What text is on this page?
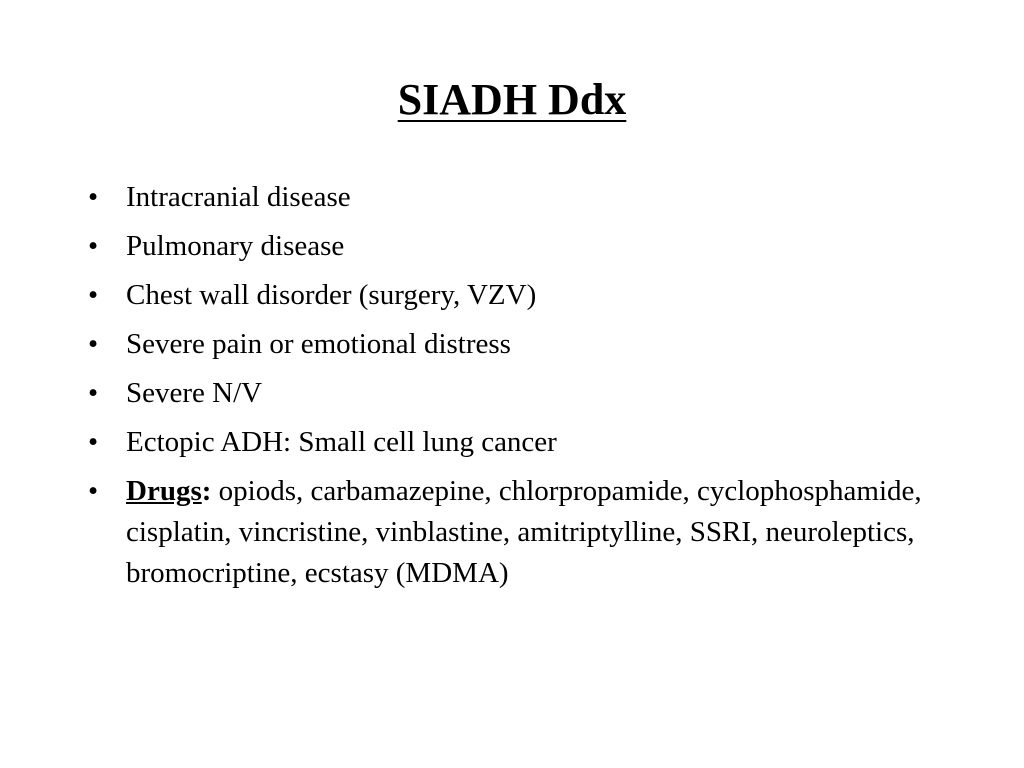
SIADH Ddx
• Intracranial disease
• Pulmonary disease
• Chest wall disorder (surgery, VZV)
• Severe pain or emotional distress
• Severe N/V
• Ectopic ADH: Small cell lung cancer
• Drugs: opiods, carbamazepine, chlorpropamide, cyclophosphamide, cisplatin, vincristine, vinblastine, amitriptylline, SSRI, neuroleptics, bromocriptine, ecstasy (MDMA)
